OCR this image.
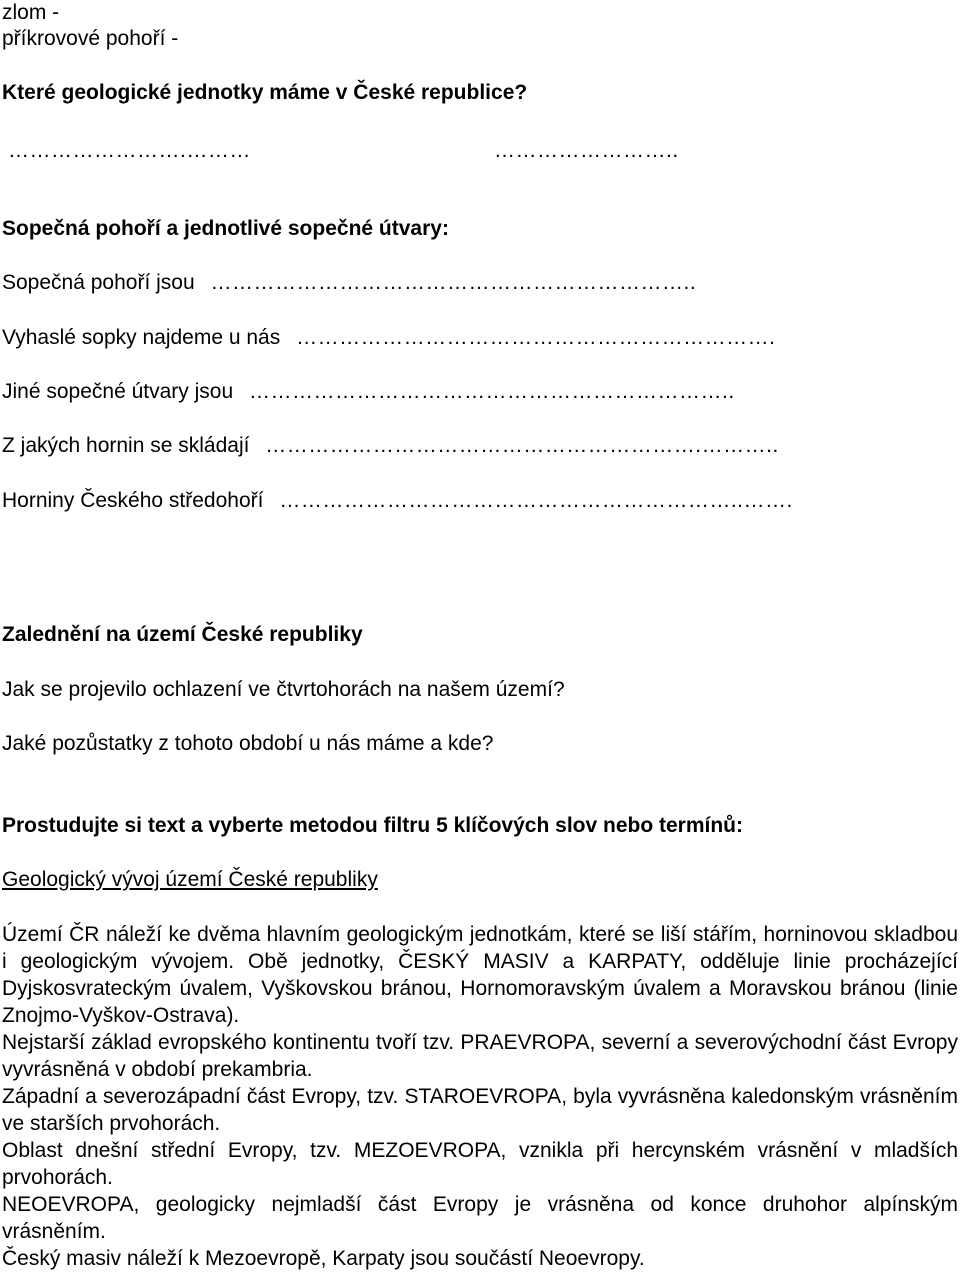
zlom -
příkrovové pohoří -
Které geologické jednotky máme v České republice?
…………………….………	……………………..
Sopečná pohoří a jednotlivé sopečné útvary:
Sopečná pohoří jsou …………………………………………………………..
Vyhaslé sopky najdeme u nás ………………………………………………………….
Jiné sopečné útvary jsou …………………………………………………………..
Z jakých hornin se skládají …………………………………………………….………..
Horniny Českého středohoří ………………………………………………………..…….
Zalednění na území České republiky
Jak se projevilo ochlazení ve čtvrtohorách na našem území?
Jaké pozůstatky z tohoto období u nás máme a kde?
Prostudujte si text a vyberte metodou filtru 5 klíčových slov nebo termínů:
Geologický vývoj území České republiky
Území ČR náleží ke dvěma hlavním geologickým jednotkám, které se liší stářím, horninovou skladbou i geologickým vývojem. Obě jednotky, ČESKÝ MASIV a KARPATY, odděluje linie procházející Dyjskosvrateckým úvalem, Vyškovskou bránou, Hornomoravským úvalem a Moravskou bránou (linie Znojmo-Vyškov-Ostrava).
Nejstarší základ evropského kontinentu tvoří tzv. PRAEVROPA, severní a severovýchodní část Evropy vyvrásněná v období prekambria.
Západní a severozápadní část Evropy, tzv. STAROEVROPA, byla vyvrásněna kaledonským vrásněním ve starších prvohorách.
Oblast dnešní střední Evropy, tzv. MEZOEVROPA, vznikla při hercynském vrásnění v mladších prvohorách.
NEOEVROPA, geologicky nejmladší část Evropy je vrásněna od konce druhohor alpínským vrásněním.
Český masiv náleží k Mezoevropě, Karpaty jsou součástí Neoevropy.
